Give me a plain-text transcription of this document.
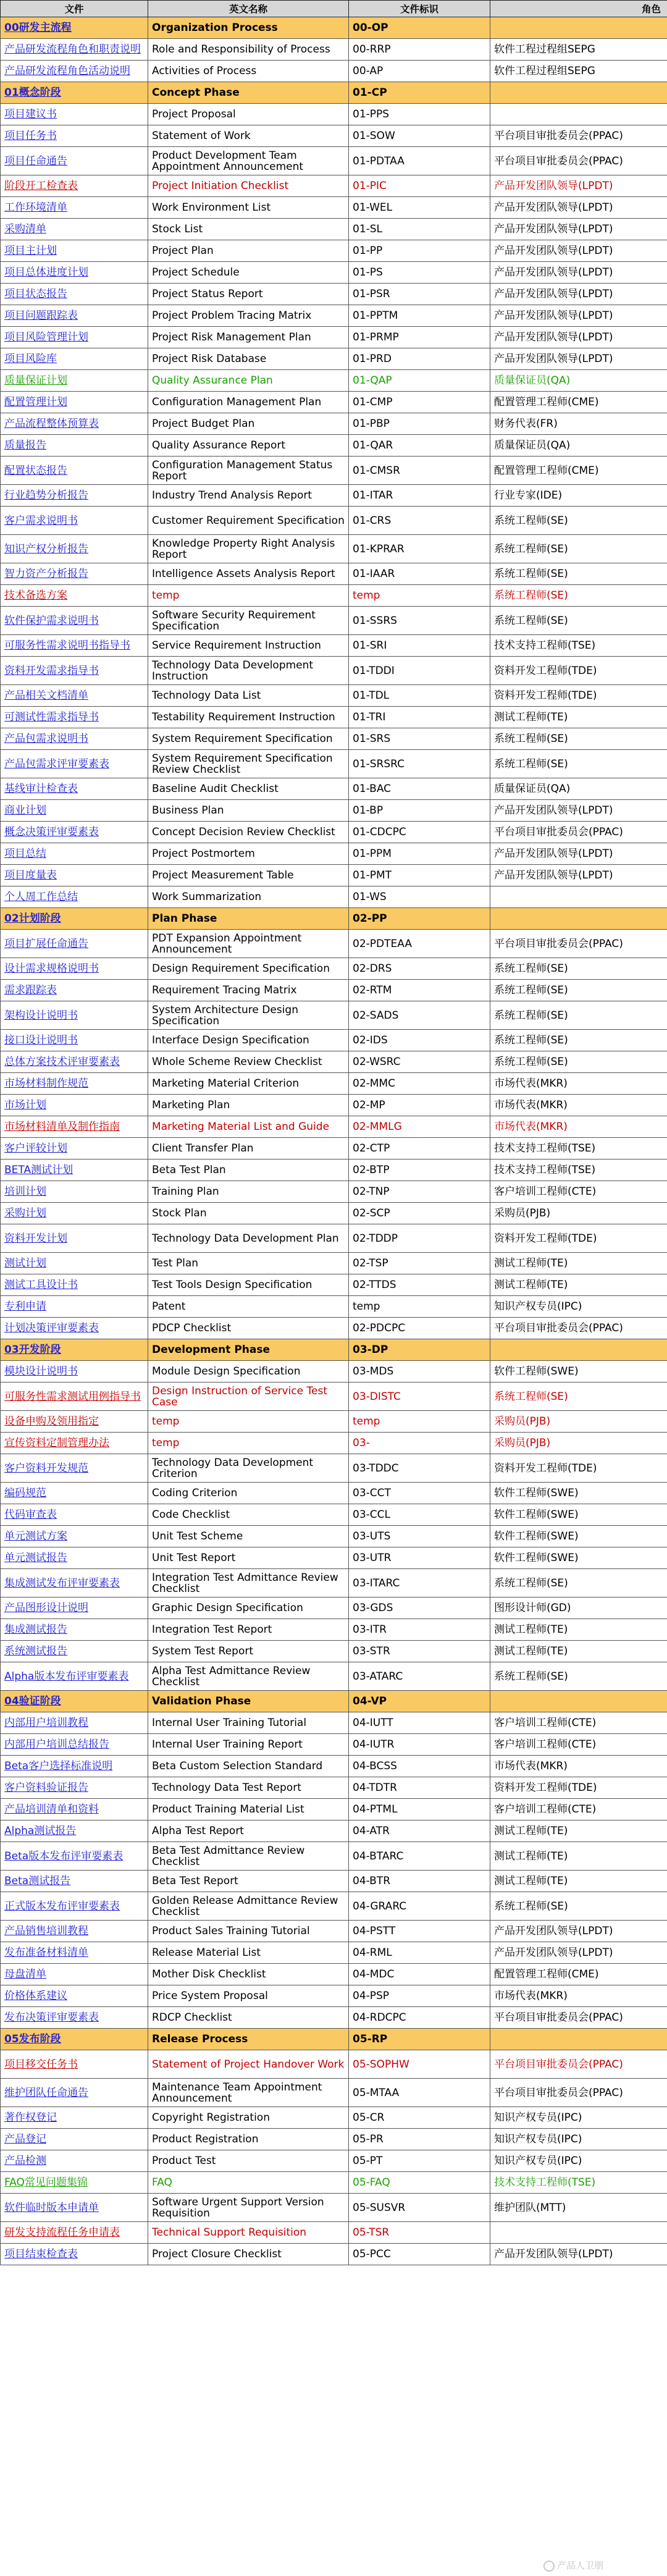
文件	英文名称	文件标识	角色
00研发主流程	Organization Process	00-OP	
产品研发流程角色和职责说明	Role and Responsibility of Process	00-RRP	软件工程过程组SEPG
产品研发流程角色活动说明	Activities of Process	00-AP	软件工程过程组SEPG
01概念阶段	Concept Phase	01-CP	
项目建议书	Project Proposal	01-PPS	
项目任务书	Statement of Work	01-SOW	平台项目审批委员会(PPAC)
项目任命通告	Product Development Team Appointment Announcement	01-PDTAA	平台项目审批委员会(PPAC)
阶段开工检查表	Project Initiation Checklist	01-PIC	产品开发团队领导(LPDT)
工作环境清单	Work Environment List	01-WEL	产品开发团队领导(LPDT)
采购清单	Stock List	01-SL	产品开发团队领导(LPDT)
项目主计划	Project Plan	01-PP	产品开发团队领导(LPDT)
项目总体进度计划	Project Schedule	01-PS	产品开发团队领导(LPDT)
项目状态报告	Project Status Report	01-PSR	产品开发团队领导(LPDT)
项目问题跟踪表	Project Problem Tracing Matrix	01-PPTM	产品开发团队领导(LPDT)
项目风险管理计划	Project Risk Management Plan	01-PRMP	产品开发团队领导(LPDT)
项目风险库	Project Risk Database	01-PRD	产品开发团队领导(LPDT)
质量保证计划	Quality Assurance Plan	01-QAP	质量保证员(QA)
配置管理计划	Configuration Management Plan	01-CMP	配置管理工程师(CME)
产品流程整体预算表	Project Budget Plan	01-PBP	财务代表(FR)
质量报告	Quality Assurance Report	01-QAR	质量保证员(QA)
配置状态报告	Configuration Management Status Report	01-CMSR	配置管理工程师(CME)
行业趋势分析报告	Industry Trend Analysis Report	01-ITAR	行业专家(IDE)
客户需求说明书	Customer Requirement Specification	01-CRS	系统工程师(SE)
知识产权分析报告	Knowledge Property Right Analysis Report	01-KPRAR	系统工程师(SE)
智力资产分析报告	Intelligence Assets Analysis Report	01-IAAR	系统工程师(SE)
技术备选方案	temp	temp	系统工程师(SE)
软件保护需求说明书	Software Security Requirement Specification	01-SSRS	系统工程师(SE)
可服务性需求说明书指导书	Service Requirement Instruction	01-SRI	技术支持工程师(TSE)
资料开发需求指导书	Technology Data Development Instruction	01-TDDI	资料开发工程师(TDE)
产品相关文档清单	Technology Data List	01-TDL	资料开发工程师(TDE)
可测试性需求指导书	Testability Requirement Instruction	01-TRI	测试工程师(TE)
产品包需求说明书	System Requirement Specification	01-SRS	系统工程师(SE)
产品包需求评审要素表	System Requirement Specification Review Checklist	01-SRSRC	系统工程师(SE)
基线审计检查表	Baseline Audit Checklist	01-BAC	质量保证员(QA)
商业计划	Business Plan	01-BP	产品开发团队领导(LPDT)
概念决策评审要素表	Concept Decision Review Checklist	01-CDCPC	平台项目审批委员会(PPAC)
项目总结	Project Postmortem	01-PPM	产品开发团队领导(LPDT)
项目度量表	Project Measurement Table	01-PMT	产品开发团队领导(LPDT)
个人周工作总结	Work Summarization	01-WS	
02计划阶段	Plan Phase	02-PP	
项目扩展任命通告	PDT Expansion Appointment Announcement	02-PDTEAA	平台项目审批委员会(PPAC)
设计需求规格说明书	Design Requirement Specification	02-DRS	系统工程师(SE)
需求跟踪表	Requirement Tracing Matrix	02-RTM	系统工程师(SE)
架构设计说明书	System Architecture Design Specification	02-SADS	系统工程师(SE)
接口设计说明书	Interface Design Specification	02-IDS	系统工程师(SE)
总体方案技术评审要素表	Whole Scheme Review Checklist	02-WSRC	系统工程师(SE)
市场材料制作规范	Marketing Material Criterion	02-MMC	市场代表(MKR)
市场计划	Marketing Plan	02-MP	市场代表(MKR)
市场材料清单及制作指南	Marketing Material List and Guide	02-MMLG	市场代表(MKR)
客户评较计划	Client Transfer Plan	02-CTP	技术支持工程师(TSE)
BETA测试计划	Beta Test Plan	02-BTP	技术支持工程师(TSE)
培训计划	Training Plan	02-TNP	客户培训工程师(CTE)
采购计划	Stock Plan	02-SCP	采购员(PJB)
资料开发计划	Technology Data Development Plan	02-TDDP	资料开发工程师(TDE)
测试计划	Test Plan	02-TSP	测试工程师(TE)
测试工具设计书	Test Tools Design Specification	02-TTDS	测试工程师(TE)
专利申请	Patent	temp	知识产权专员(IPC)
计划决策评审要素表	PDCP Checklist	02-PDCPC	平台项目审批委员会(PPAC)
03开发阶段	Development Phase	03-DP	
模块设计说明书	Module Design Specification	03-MDS	软件工程师(SWE)
可服务性需求测试用例指导书	Design Instruction of Service Test Case	03-DISTC	系统工程师(SE)
设备申购及领用指定	temp	temp	采购员(PJB)
宣传资料定制管理办法	temp	03-	采购员(PJB)
客户资料开发规范	Technology Data Development Criterion	03-TDDC	资料开发工程师(TDE)
编码规范	Coding Criterion	03-CCT	软件工程师(SWE)
代码审查表	Code Checklist	03-CCL	软件工程师(SWE)
单元测试方案	Unit Test Scheme	03-UTS	软件工程师(SWE)
单元测试报告	Unit Test Report	03-UTR	软件工程师(SWE)
集成测试发布评审要素表	Integration Test Admittance Review Checklist	03-ITARC	系统工程师(SE)
产品图形设计说明	Graphic Design Specification	03-GDS	图形设计师(GD)
集成测试报告	Integration Test Report	03-ITR	测试工程师(TE)
系统测试报告	System Test Report	03-STR	测试工程师(TE)
Alpha版本发布评审要素表	Alpha Test Admittance Review Checklist	03-ATARC	系统工程师(SE)
04验证阶段	Validation Phase	04-VP	
内部用户培训教程	Internal User Training Tutorial	04-IUTT	客户培训工程师(CTE)
内部用户培训总结报告	Internal User Training Report	04-IUTR	客户培训工程师(CTE)
Beta客户选择标准说明	Beta Custom Selection Standard	04-BCSS	市场代表(MKR)
客户资料验证报告	Technology Data Test Report	04-TDTR	资料开发工程师(TDE)
产品培训清单和资料	Product Training Material List	04-PTML	客户培训工程师(CTE)
Alpha测试报告	Alpha Test Report	04-ATR	测试工程师(TE)
Beta版本发布评审要素表	Beta Test Admittance Review Checklist	04-BTARC	测试工程师(TE)
Beta测试报告	Beta Test Report	04-BTR	测试工程师(TE)
正式版本发布评审要素表	Golden Release Admittance Review Checklist	04-GRARC	系统工程师(SE)
产品销售培训教程	Product Sales Training Tutorial	04-PSTT	产品开发团队领导(LPDT)
发布准备材料清单	Release Material List	04-RML	产品开发团队领导(LPDT)
母盘清单	Mother Disk Checklist	04-MDC	配置管理工程师(CME)
价格体系建议	Price System Proposal	04-PSP	市场代表(MKR)
发布决策评审要素表	RDCP Checklist	04-RDCPC	平台项目审批委员会(PPAC)
05发布阶段	Release Process	05-RP	
项目移交任务书	Statement of Project Handover Work	05-SOPHW	平台项目审批委员会(PPAC)
维护团队任命通告	Maintenance Team Appointment Announcement	05-MTAA	平台项目审批委员会(PPAC)
著作权登记	Copyright Registration	05-CR	知识产权专员(IPC)
产品登记	Product Registration	05-PR	知识产权专员(IPC)
产品检测	Product Test	05-PT	知识产权专员(IPC)
FAQ常见问题集锦	FAQ	05-FAQ	技术支持工程师(TSE)
软件临时版本申请单	Software Urgent Support Version Requisition	05-SUSVR	维护团队(MTT)
研发支持流程任务申请表	Technical Support Requisition	05-TSR	
项目结束检查表	Project Closure Checklist	05-PCC	产品开发团队领导(LPDT)
产品人卫朋
